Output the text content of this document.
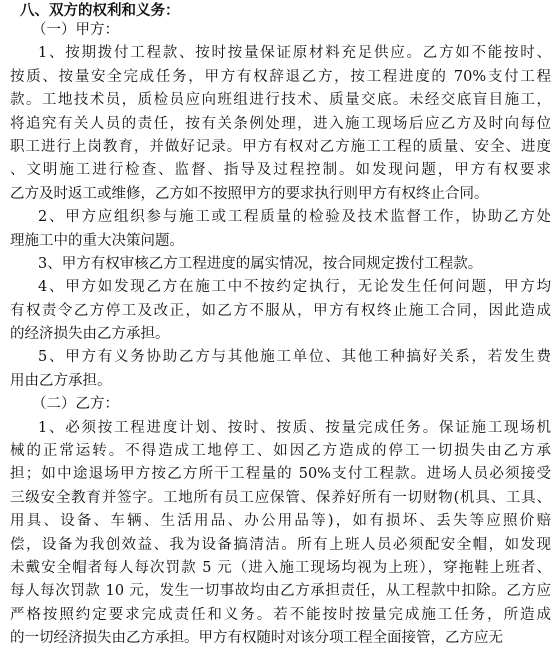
八、双方的权利和义务：

（一）甲方：

1、按期拨付工程款、按时按量保证原材料充足供应。乙方如不能按时、
按质、按量安全完成任务，甲方有权辞退乙方，按工程进度的 70%支付工程
款。工地技术员，质检员应向班组进行技术、质量交底。未经交底盲目施工，
将追究有关人员的责任，按有关条例处理，进入施工现场后应乙方及时向每位
职工进行上岗教育，并做好记录。甲方有权对乙方施工工程的质量、安全、进度
、文明施工进行检查、监督、指导及过程控制。如发现问题，甲方有权要求
乙方及时返工或维修，乙方如不按照甲方的要求执行则甲方有权终止合同。

2、甲方应组织参与施工或工程质量的检验及技术监督工作，协助乙方处
理施工中的重大决策问题。

3、甲方有权审核乙方工程进度的属实情况，按合同规定拨付工程款。

4、甲方如发现乙方在施工中不按约定执行，无论发生任何问题，甲方均
有权责令乙方停工及改正，如乙方不服从，甲方有权终止施工合同，因此造成
的经济损失由乙方承担。

5、甲方有义务协助乙方与其他施工单位、其他工种搞好关系，若发生费
用由乙方承担。

（二）乙方：

1、必须按工程进度计划、按时、按质、按量完成任务。保证施工现场机
械的正常运转。不得造成工地停工、如因乙方造成的停工一切损失由乙方承
担；如中途退场甲方按乙方所干工程量的 50%支付工程款。进场人员必须接受
三级安全教育并签字。工地所有员工应保管、保养好所有一切财物(机具、工具、
用具、设备、车辆、生活用品、办公用品等)，如有损坏、丢失等应照价赔
偿，设备为我创效益、我为设备搞清洁。所有上班人员必须配安全帽，如发现
未戴安全帽者每人每次罚款 5 元（进入施工现场均视为上班），穿拖鞋上班者、
每人每次罚款 10 元，发生一切事故均由乙方承担责任，从工程款中扣除。乙方应
严格按照约定要求完成责任和义务。若不能按时按量完成施工任务，所造成
的一切经济损失由乙方承担。甲方有权随时对该分项工程全面接管，乙方应无
